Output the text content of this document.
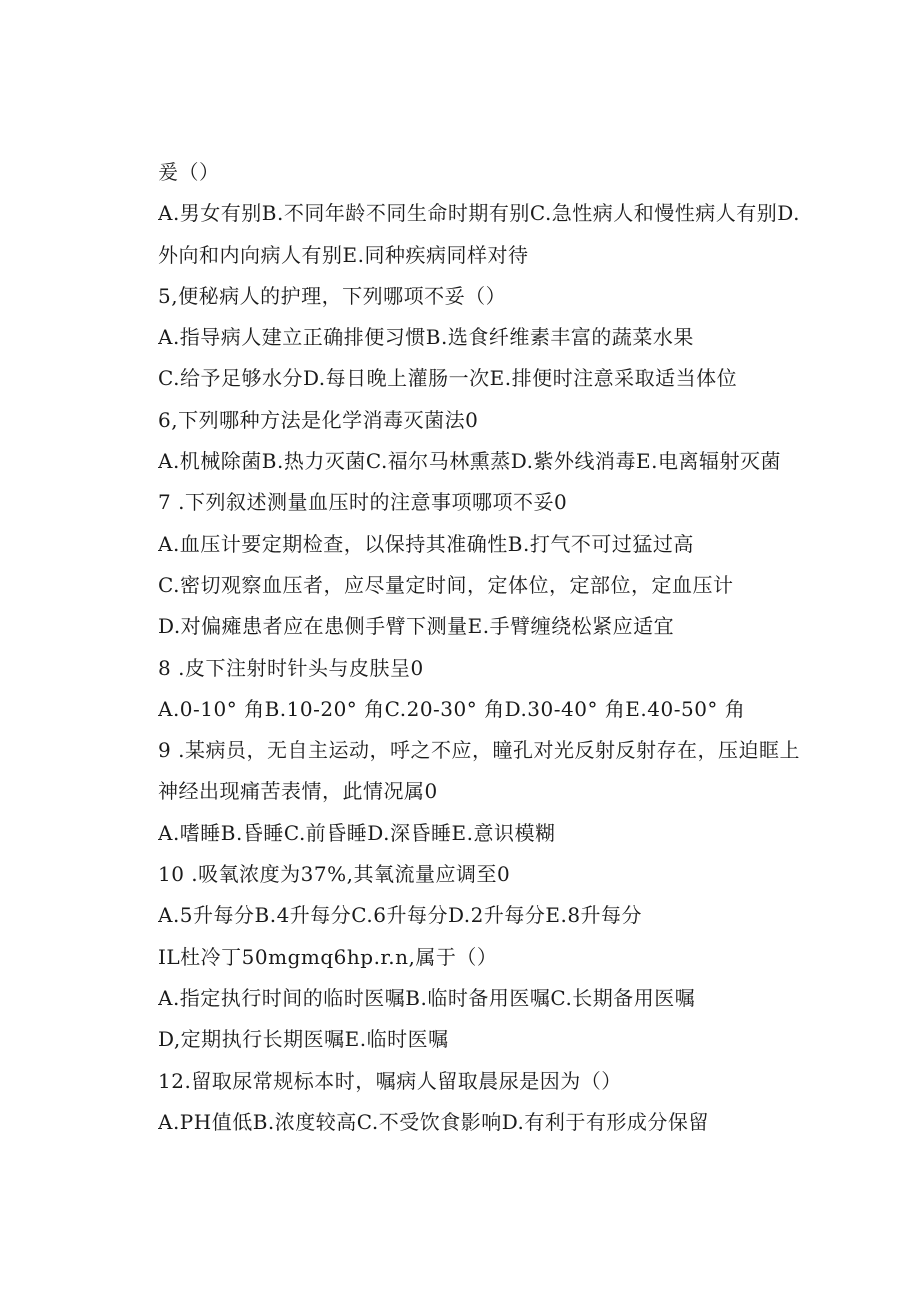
爰（）
A.男女有别B.不同年龄不同生命时期有别C.急性病人和慢性病人有别D.
外向和内向病人有别E.同种疾病同样对待
5,便秘病人的护理，下列哪项不妥（）
A.指导病人建立正确排便习惯B.选食纤维素丰富的蔬菜水果
C.给予足够水分D.每日晚上灌肠一次E.排便时注意采取适当体位
6,下列哪种方法是化学消毒灭菌法0
A.机械除菌B.热力灭菌C.福尔马林熏蒸D.紫外线消毒E.电离辐射灭菌
7 .下列叙述测量血压时的注意事项哪项不妥0
A.血压计要定期检查，以保持其准确性B.打气不可过猛过高
C.密切观察血压者，应尽量定时间，定体位，定部位，定血压计
D.对偏瘫患者应在患侧手臂下测量E.手臂缠绕松紧应适宜
8 .皮下注射时针头与皮肤呈0
A.0-10° 角B.10-20° 角C.20-30° 角D.30-40° 角E.40-50° 角
9 .某病员，无自主运动，呼之不应，瞳孔对光反射反射存在，压迫眶上
神经出现痛苦表情，此情况属0
A.嗜睡B.昏睡C.前昏睡D.深昏睡E.意识模糊
10 .吸氧浓度为37%,其氧流量应调至0
A.5升每分B.4升每分C.6升每分D.2升每分E.8升每分
IL杜冷丁50mgmq6hp.r.n,属于（）
A.指定执行时间的临时医嘱B.临时备用医嘱C.长期备用医嘱
D,定期执行长期医嘱E.临时医嘱
12.留取尿常规标本时，嘱病人留取晨尿是因为（）
A.PH值低B.浓度较高C.不受饮食影响D.有利于有形成分保留
